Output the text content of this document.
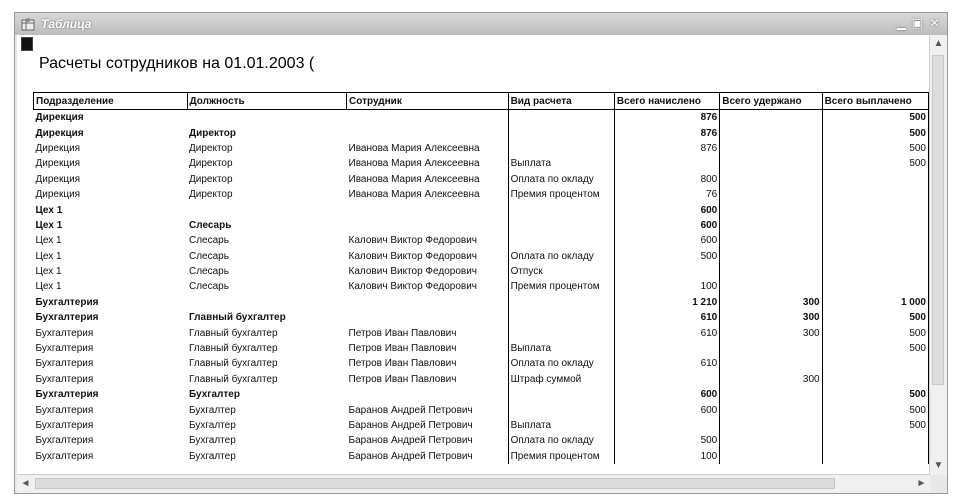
Таблица	▁ ▣ ✕
Расчеты сотрудников на 01.01.2003 (
Подразделение	Должность	Сотрудник	Вид расчета	Всего начислено	Всего удержано	Всего выплачено
Дирекция				876		500
Дирекция	Директор			876		500
Дирекция	Директор	Иванова Мария Алексеевна		876		500
Дирекция	Директор	Иванова Мария Алексеевна	Выплата			500
Дирекция	Директор	Иванова Мария Алексеевна	Оплата по окладу	800		
Дирекция	Директор	Иванова Мария Алексеевна	Премия процентом	76		
Цех 1				600		
Цех 1	Слесарь			600		
Цех 1	Слесарь	Калович Виктор Федорович		600		
Цех 1	Слесарь	Калович Виктор Федорович	Оплата по окладу	500		
Цех 1	Слесарь	Калович Виктор Федорович	Отпуск			
Цех 1	Слесарь	Калович Виктор Федорович	Премия процентом	100		
Бухгалтерия				1 210	300	1 000
Бухгалтерия	Главный бухгалтер			610	300	500
Бухгалтерия	Главный бухгалтер	Петров Иван Павлович		610	300	500
Бухгалтерия	Главный бухгалтер	Петров Иван Павлович	Выплата			500
Бухгалтерия	Главный бухгалтер	Петров Иван Павлович	Оплата по окладу	610		
Бухгалтерия	Главный бухгалтер	Петров Иван Павлович	Штраф суммой		300	
Бухгалтерия	Бухгалтер			600		500
Бухгалтерия	Бухгалтер	Баранов Андрей Петрович		600		500
Бухгалтерия	Бухгалтер	Баранов Андрей Петрович	Выплата			500
Бухгалтерия	Бухгалтер	Баранов Андрей Петрович	Оплата по окладу	500		
Бухгалтерия	Бухгалтер	Баранов Андрей Петрович	Премия процентом	100		
▲
▼
◄	►
